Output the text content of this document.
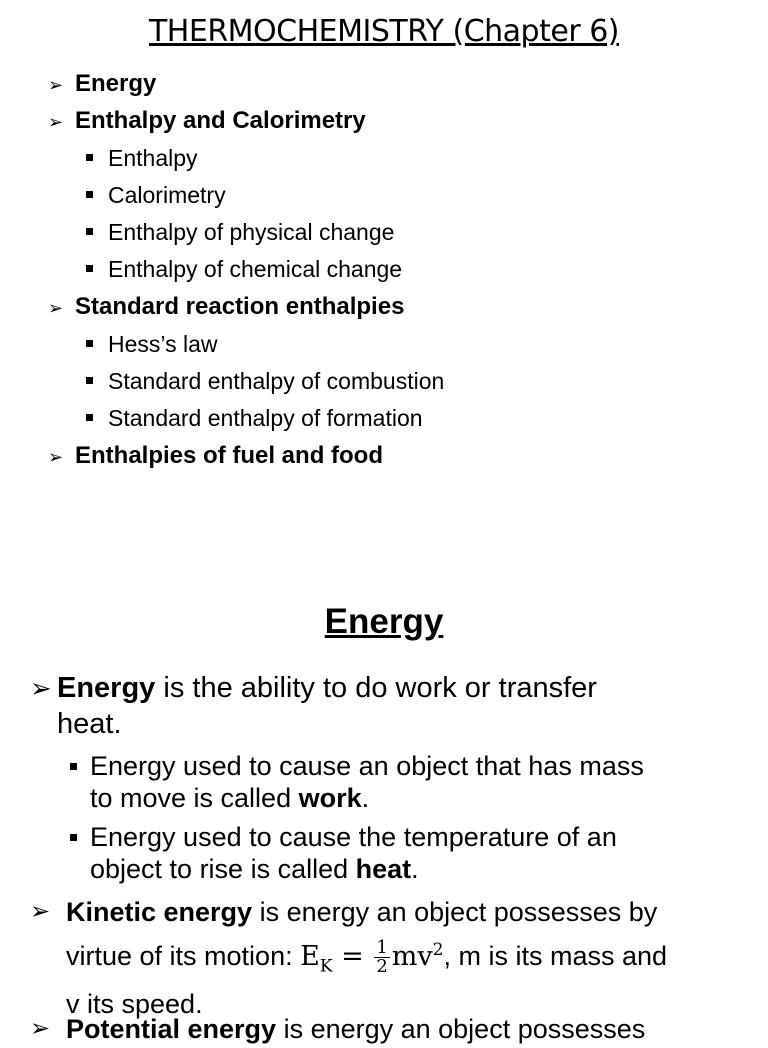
THERMOCHEMISTRY (Chapter 6)
➢ Energy
➢ Enthalpy and Calorimetry
Enthalpy
Calorimetry
Enthalpy of physical change
Enthalpy of chemical change
➢ Standard reaction enthalpies
Hess’s law
Standard enthalpy of combustion
Standard enthalpy of formation
➢ Enthalpies of fuel and food
Energy
➢ Energy is the ability to do work or transfer
heat.
Energy used to cause an object that has mass
to move is called work.
Energy used to cause the temperature of an
object to rise is called heat.
➢ Kinetic energy is energy an object possesses by
virtue of its motion: $E_K = \frac{1}{2} mv^2$, m is its mass and
v its speed.
➢ Potential energy is energy an object possesses
